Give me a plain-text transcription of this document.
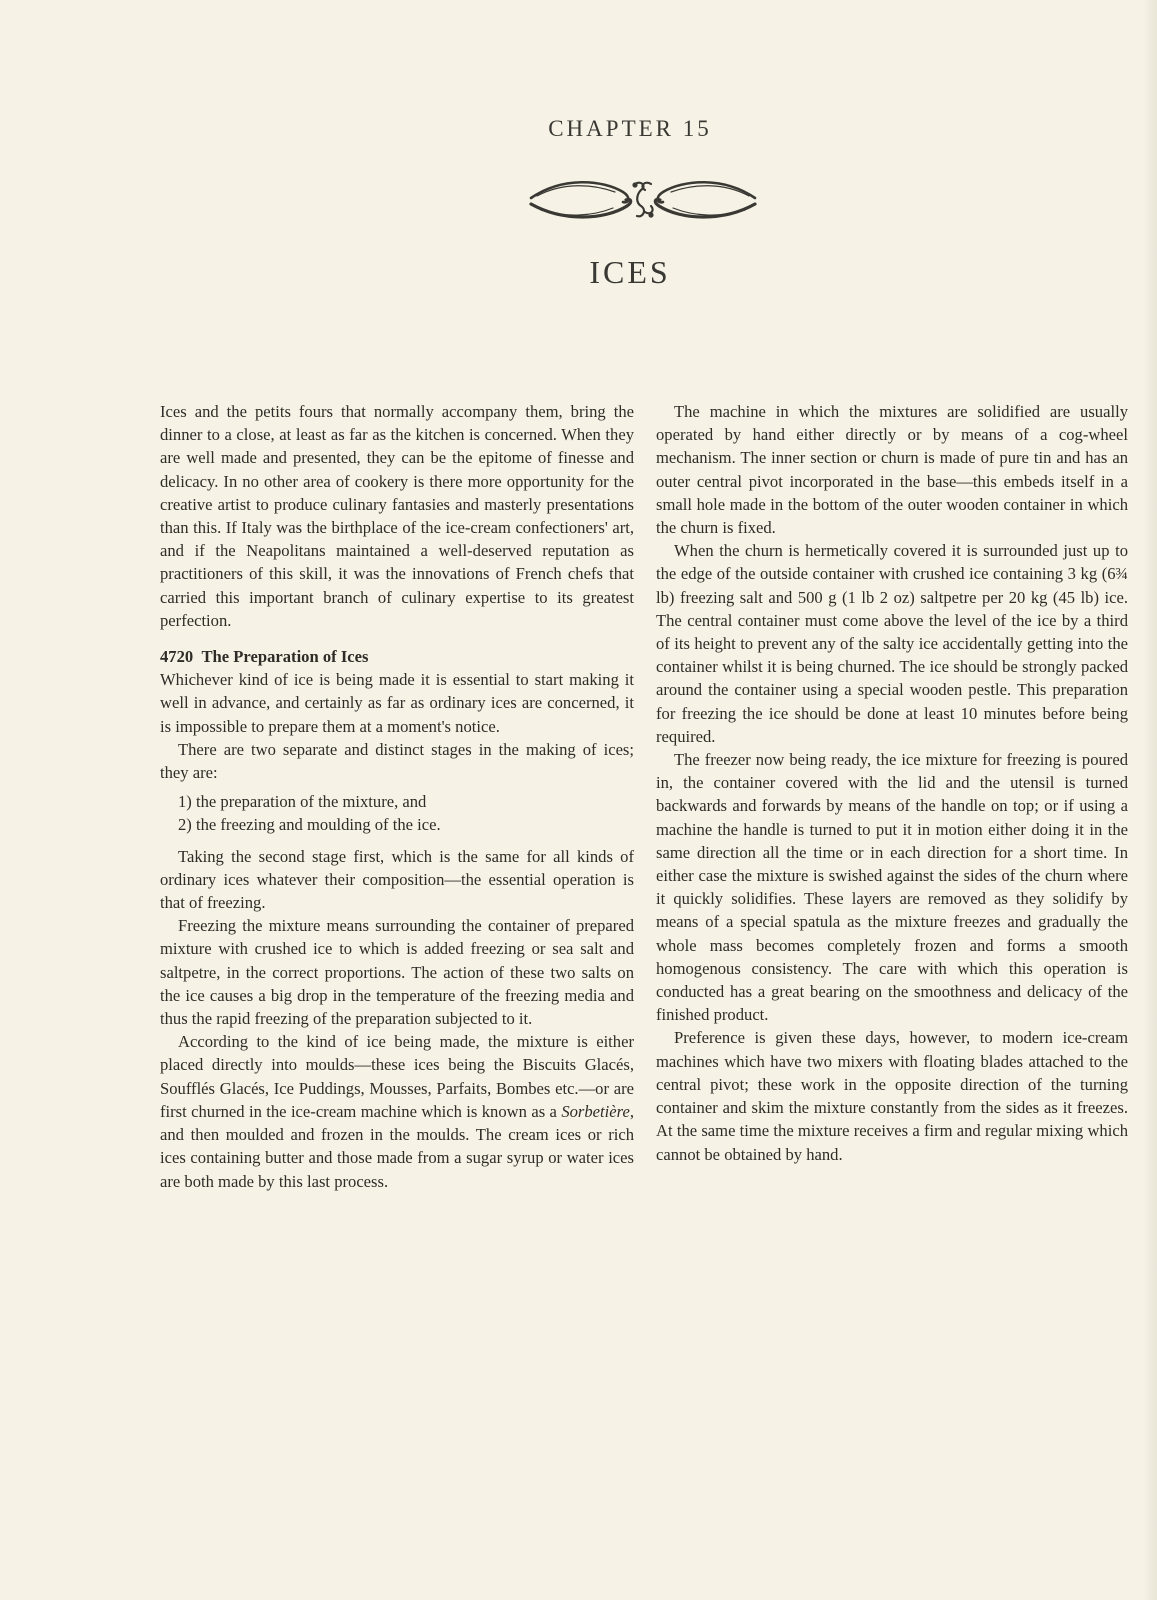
CHAPTER 15
ICES

Ices and the petits fours that normally accompany them, bring the dinner to a close, at least as far as the kitchen is concerned. When they are well made and presented, they can be the epitome of finesse and delicacy. In no other area of cookery is there more opportunity for the creative artist to produce culinary fantasies and masterly presentations than this. If Italy was the birthplace of the ice-cream confectioners' art, and if the Neapolitans maintained a well-deserved reputation as practitioners of this skill, it was the innovations of French chefs that carried this important branch of culinary expertise to its greatest perfection.

4720 The Preparation of Ices

Whichever kind of ice is being made it is essential to start making it well in advance, and certainly as far as ordinary ices are concerned, it is impossible to prepare them at a moment's notice.

There are two separate and distinct stages in the making of ices; they are:

1) the preparation of the mixture, and
2) the freezing and moulding of the ice.

Taking the second stage first, which is the same for all kinds of ordinary ices whatever their composition—the essential operation is that of freezing.

Freezing the mixture means surrounding the container of prepared mixture with crushed ice to which is added freezing or sea salt and saltpetre, in the correct proportions. The action of these two salts on the ice causes a big drop in the temperature of the freezing media and thus the rapid freezing of the preparation subjected to it.

According to the kind of ice being made, the mixture is either placed directly into moulds—these ices being the Biscuits Glacés, Soufflés Glacés, Ice Puddings, Mousses, Parfaits, Bombes etc.—or are first churned in the ice-cream machine which is known as a Sorbetière, and then moulded and frozen in the moulds. The cream ices or rich ices containing butter and those made from a sugar syrup or water ices are both made by this last process.

The machine in which the mixtures are solidified are usually operated by hand either directly or by means of a cog-wheel mechanism. The inner section or churn is made of pure tin and has an outer central pivot incorporated in the base—this embeds itself in a small hole made in the bottom of the outer wooden container in which the churn is fixed.

When the churn is hermetically covered it is surrounded just up to the edge of the outside container with crushed ice containing 3 kg (6¾ lb) freezing salt and 500 g (1 lb 2 oz) saltpetre per 20 kg (45 lb) ice. The central container must come above the level of the ice by a third of its height to prevent any of the salty ice accidentally getting into the container whilst it is being churned. The ice should be strongly packed around the container using a special wooden pestle. This preparation for freezing the ice should be done at least 10 minutes before being required.

The freezer now being ready, the ice mixture for freezing is poured in, the container covered with the lid and the utensil is turned backwards and forwards by means of the handle on top; or if using a machine the handle is turned to put it in motion either doing it in the same direction all the time or in each direction for a short time. In either case the mixture is swished against the sides of the churn where it quickly solidifies. These layers are removed as they solidify by means of a special spatula as the mixture freezes and gradually the whole mass becomes completely frozen and forms a smooth homogenous consistency. The care with which this operation is conducted has a great bearing on the smoothness and delicacy of the finished product.

Preference is given these days, however, to modern ice-cream machines which have two mixers with floating blades attached to the central pivot; these work in the opposite direction of the turning container and skim the mixture constantly from the sides as it freezes. At the same time the mixture receives a firm and regular mixing which cannot be obtained by hand.
